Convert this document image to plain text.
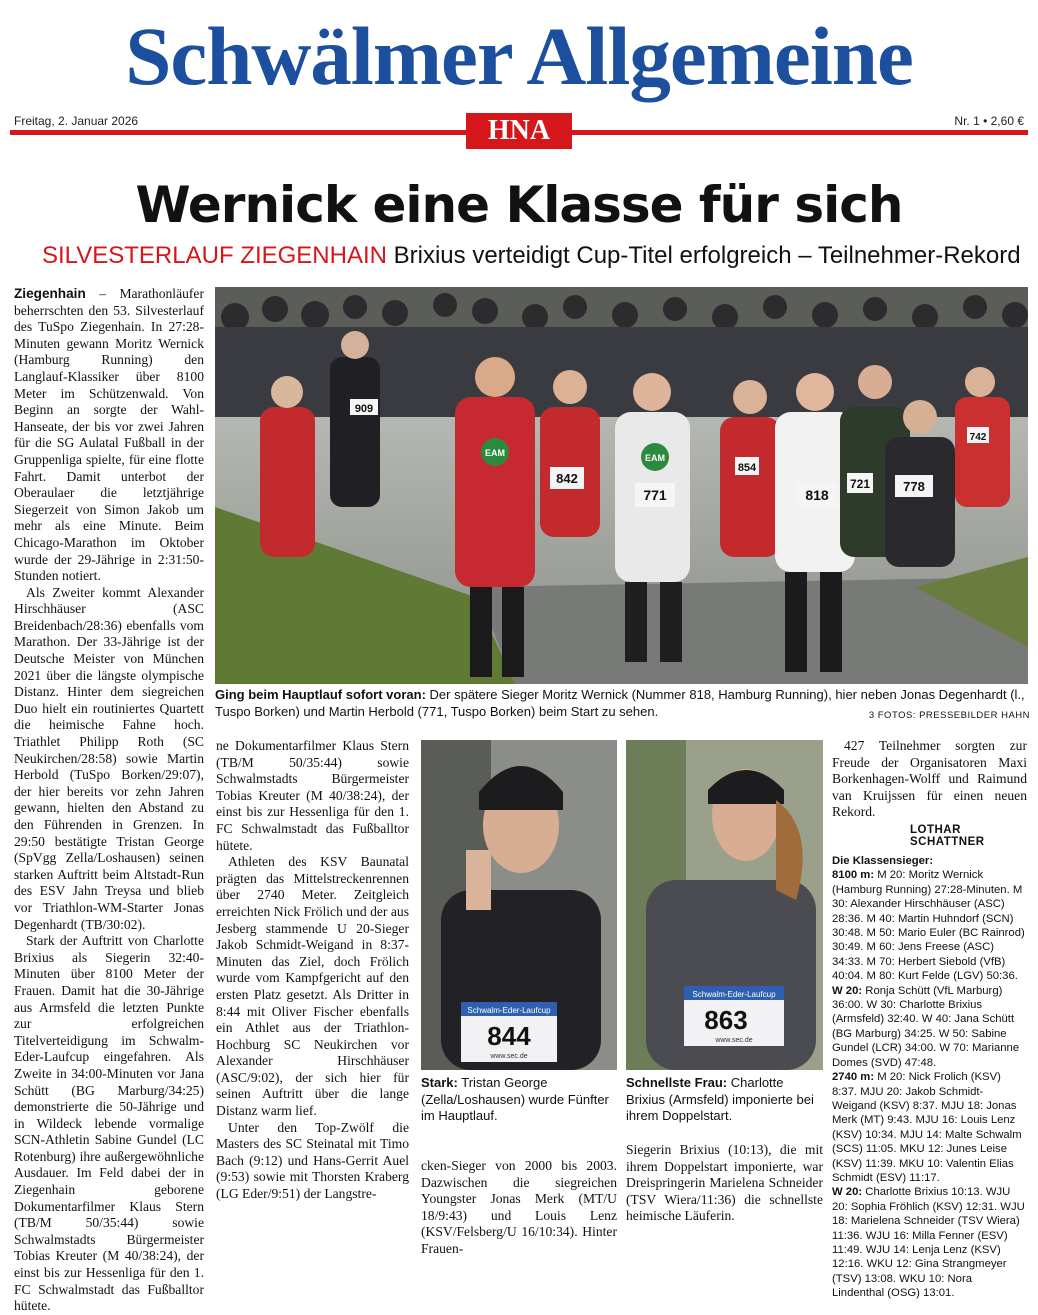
Schwälmer Allgemeine
Freitag, 2. Januar 2026	Nr. 1 • 2,60 €
HNA
Wernick eine Klasse für sich
SILVESTERLAUF ZIEGENHAIN Brixius verteidigt Cup-Titel erfolgreich – Teilnehmer-Rekord

Ziegenhain – Marathonläufer beherrschten den 53. Silvesterlauf des TuSpo Ziegenhain. In 27:28-Minuten gewann Moritz Wernick (Hamburg Running) den Langlauf-Klassiker über 8100 Meter im Schützenwald. Von Beginn an sorgte der Wahl-Hanseate, der bis vor zwei Jahren für die SG Aulatal Fußball in der Gruppenliga spielte, für eine flotte Fahrt. Damit unterbot der Oberaulaer die letztjährige Siegerzeit von Simon Jakob um mehr als eine Minute. Beim Chicago-Marathon im Oktober wurde der 29-Jährige in 2:31:50-Stunden notiert.

Als Zweiter kommt Alexander Hirschhäuser (ASC Breidenbach/28:36) ebenfalls vom Marathon. Der 33-Jährige ist der Deutsche Meister von München 2021 über die längste olympische Distanz. Hinter dem siegreichen Duo hielt ein routiniertes Quartett die heimische Fahne hoch. Triathlet Philipp Roth (SC Neukirchen/28:58) sowie Martin Herbold (TuSpo Borken/29:07), der hier bereits vor zehn Jahren gewann, hielten den Abstand zu den Führenden in Grenzen. In 29:50 bestätigte Tristan George (SpVgg Zella/Loshausen) seinen starken Auftritt beim Altstadt-Run des ESV Jahn Treysa und blieb vor Triathlon-WM-Starter Jonas Degenhardt (TB/30:02).

Stark der Auftritt von Charlotte Brixius als Siegerin 32:40-Minuten über 8100 Meter der Frauen. Damit hat die 30-Jährige aus Armsfeld die letzten Punkte zur erfolgreichen Titelverteidigung im Schwalm-Eder-Laufcup eingefahren. Als Zweite in 34:00-Minuten vor Jana Schütt (BG Marburg/34:25) demonstrierte die 50-Jährige und in Wildeck lebende vormalige SCN-Athletin Sabine Gundel (LC Rotenburg) ihre außergewöhnliche Ausdauer. Im Feld dabei der in Ziegenhain geborene Dokumentarfilmer Klaus Stern (TB/M 50/35:44) sowie Schwalmstadts Bürgermeister Tobias Kreuter (M 40/38:24), der einst bis zur Hessenliga für den 1. FC Schwalmstadt das Fußballtor hütete.

EAM	EAM
909
842
771	818
778
721
854
742
Ging beim Hauptlauf sofort voran: Der spätere Sieger Moritz Wernick (Nummer 818, Hamburg Running), hier neben Jonas Degenhardt (l., Tuspo Borken) und Martin Herbold (771, Tuspo Borken) beim Start zu sehen.	3 FOTOS: PRESSEBILDER HAHN

ne Dokumentarfilmer Klaus Stern (TB/M 50/35:44) sowie Schwalmstadts Bürgermeister Tobias Kreuter (M 40/38:24), der einst bis zur Hessenliga für den 1. FC Schwalmstadt das Fußballtor hütete.

Athleten des KSV Baunatal prägten das Mittelstreckenrennen über 2740 Meter. Zeitgleich erreichten Nick Frölich und der aus Jesberg stammende U 20-Sieger Jakob Schmidt-Weigand in 8:37-Minuten das Ziel, doch Frölich wurde vom Kampfgericht auf den ersten Platz gesetzt. Als Dritter in 8:44 mit Oliver Fischer ebenfalls ein Athlet aus der Triathlon-Hochburg SC Neukirchen vor Alexander Hirschhäuser (ASC/9:02), der sich hier für seinen Auftritt über die lange Distanz warm lief.

Unter den Top-Zwölf die Masters des SC Steinatal mit Timo Bach (9:12) und Hans-Gerrit Auel (9:53) sowie mit Thorsten Kraberg (LG Eder/9:51) der Langstre-

Schwalm-Eder-Laufcup
844
www.sec.de
Stark: Tristan George (Zella/Loshausen) wurde Fünfter im Hauptlauf.

cken-Sieger von 2000 bis 2003. Dazwischen die siegreichen Youngster Jonas Merk (MT/U 18/9:43) und Louis Lenz (KSV/Felsberg/U 16/10:34). Hinter Frauen-

Schwalm-Eder-Laufcup
863
www.sec.de
Schnellste Frau: Charlotte Brixius (Armsfeld) imponierte bei ihrem Doppelstart.

Siegerin Brixius (10:13), die mit ihrem Doppelstart imponierte, war Dreispringerin Marielena Schneider (TSV Wiera/11:36) die schnellste heimische Läuferin.

427 Teilnehmer sorgten zur Freude der Organisatoren Maxi Borkenhagen-Wolff und Raimund van Kruijssen für einen neuen Rekord.

LOTHAR SCHATTNER
Die Klassensieger:
8100 m: M 20: Moritz Wernick (Hamburg Running) 27:28-Minuten. M 30: Alexander Hirschhäuser (ASC) 28:36. M 40: Martin Huhndorf (SCN) 30:48. M 50: Mario Euler (BC Rainrod) 30:49. M 60: Jens Freese (ASC) 34:33. M 70: Herbert Siebold (VfB) 40:04. M 80: Kurt Felde (LGV) 50:36.
W 20: Ronja Schütt (VfL Marburg) 36:00. W 30: Charlotte Brixius (Armsfeld) 32:40. W 40: Jana Schütt (BG Marburg) 34:25. W 50: Sabine Gundel (LCR) 34:00. W 70: Marianne Domes (SVD) 47:48.
2740 m: M 20: Nick Frolich (KSV) 8:37. MJU 20: Jakob Schmidt-Weigand (KSV) 8:37. MJU 18: Jonas Merk (MT) 9:43. MJU 16: Louis Lenz (KSV) 10:34. MJU 14: Malte Schwalm (SCS) 11:05. MKU 12: Junes Leise (KSV) 11:39. MKU 10: Valentin Elias Schmidt (ESV) 11:17.
W 20: Charlotte Brixius 10:13. WJU 20: Sophia Fröhlich (KSV) 12:31. WJU 18: Marielena Schneider (TSV Wiera) 11:36. WJU 16: Milla Fenner (ESV) 11:49. WJU 14: Lenja Lenz (KSV) 12:16. WKU 12: Gina Strangmeyer (TSV) 13:08. WKU 10: Nora Lindenthal (OSG) 13:01.
